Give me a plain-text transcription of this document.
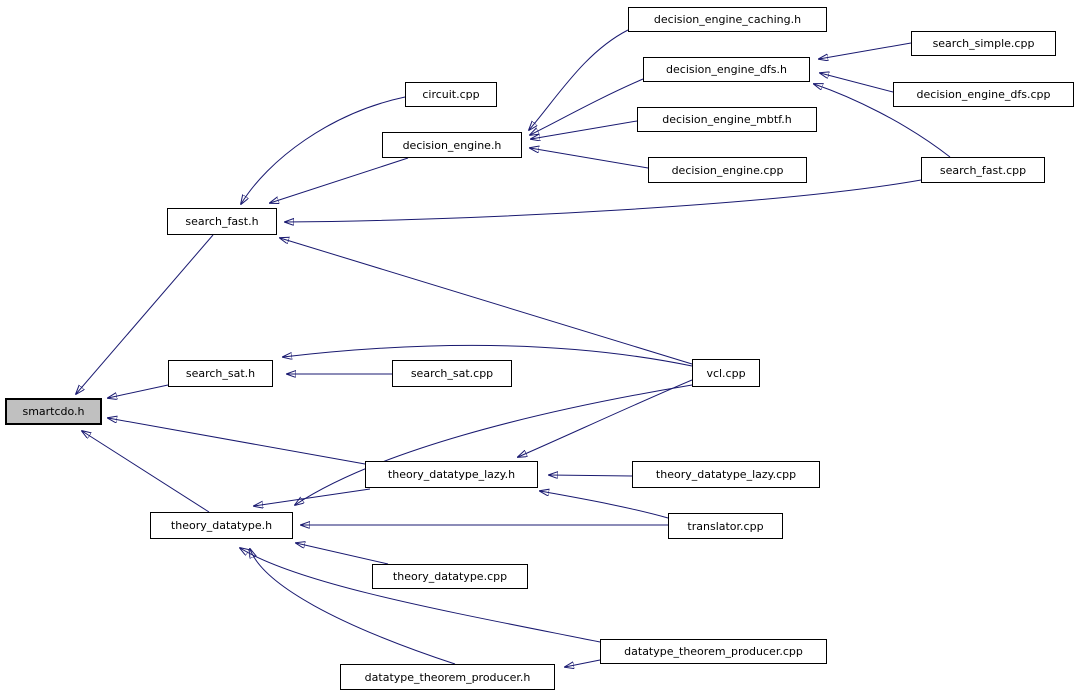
smartcdo.h
decision_engine_caching.h
search_simple.cpp
decision_engine_dfs.h
decision_engine_dfs.cpp
circuit.cpp
decision_engine_mbtf.h
decision_engine.h
decision_engine.cpp	search_fast.cpp
search_fast.h
search_sat.h	search_sat.cpp	vcl.cpp
theory_datatype_lazy.h	theory_datatype_lazy.cpp
theory_datatype.h	translator.cpp
theory_datatype.cpp
datatype_theorem_producer.cpp
datatype_theorem_producer.h
